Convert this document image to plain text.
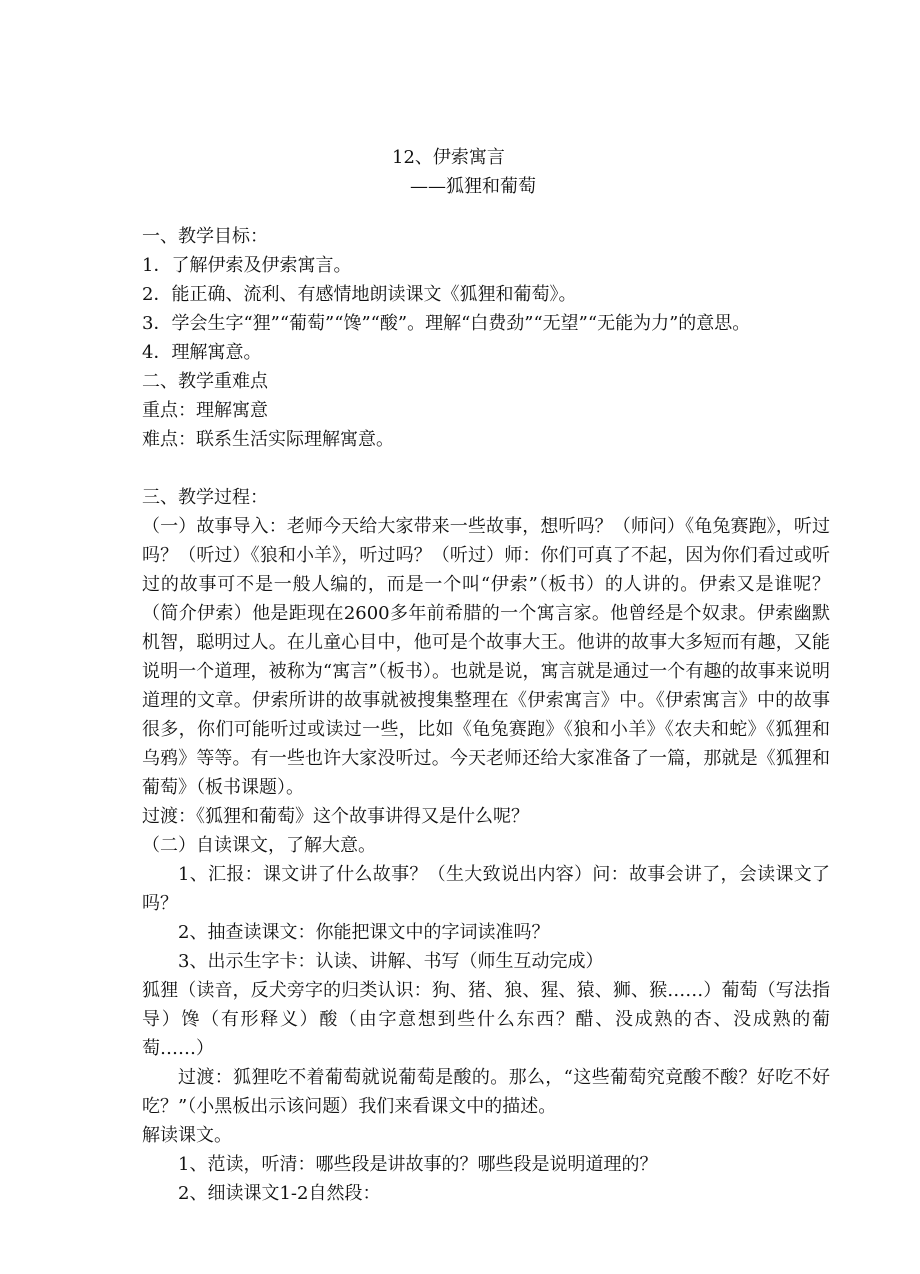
12、伊索寓言
——狐狸和葡萄
一、教学目标：
1．了解伊索及伊索寓言。
2．能正确、流利、有感情地朗读课文《狐狸和葡萄》。

3．学会生字“狸”“葡萄”“馋”“酸”。理解“白费劲”“无望”“无能为力”的意思。

4．理解寓意。
二、教学重难点
重点：理解寓意
难点：联系生活实际理解寓意。
三、教学过程：

（一）故事导入：老师今天给大家带来一些故事，想听吗？（师问）《龟兔赛跑》，听过吗？（听过）《狼和小羊》，听过吗？（听过）师：你们可真了不起，因为你们看过或听过的故事可不是一般人编的，而是一个叫“伊索”（板书）的人讲的。伊索又是谁呢？（简介伊索）他是距现在2600多年前希腊的一个寓言家。他曾经是个奴隶。伊索幽默机智，聪明过人。在儿童心目中，他可是个故事大王。他讲的故事大多短而有趣，又能说明一个道理，被称为“寓言”（板书）。也就是说，寓言就是通过一个有趣的故事来说明道理的文章。伊索所讲的故事就被搜集整理在《伊索寓言》中。《伊索寓言》中的故事很多，你们可能听过或读过一些，比如《龟兔赛跑》《狼和小羊》《农夫和蛇》《狐狸和乌鸦》等等。有一些也许大家没听过。今天老师还给大家准备了一篇，那就是《狐狸和葡萄》（板书课题）。

过渡：《狐狸和葡萄》这个故事讲得又是什么呢？
（二）自读课文，了解大意。

1、汇报：课文讲了什么故事？（生大致说出内容）问：故事会讲了，会读课文了吗？

2、抽查读课文：你能把课文中的字词读准吗？

3、出示生字卡：认读、讲解、书写（师生互动完成）

狐狸（读音，反犬旁字的归类认识：狗、猪、狼、猩、猿、狮、猴……）葡萄（写法指导）馋（有形释义）酸（由字意想到些什么东西？醋、没成熟的杏、没成熟的葡萄……）

过渡：狐狸吃不着葡萄就说葡萄是酸的。那么，“这些葡萄究竟酸不酸？好吃不好吃？”（小黑板出示该问题）我们来看课文中的描述。

解读课文。

1、范读，听清：哪些段是讲故事的？哪些段是说明道理的？

2、细读课文1-2自然段：
